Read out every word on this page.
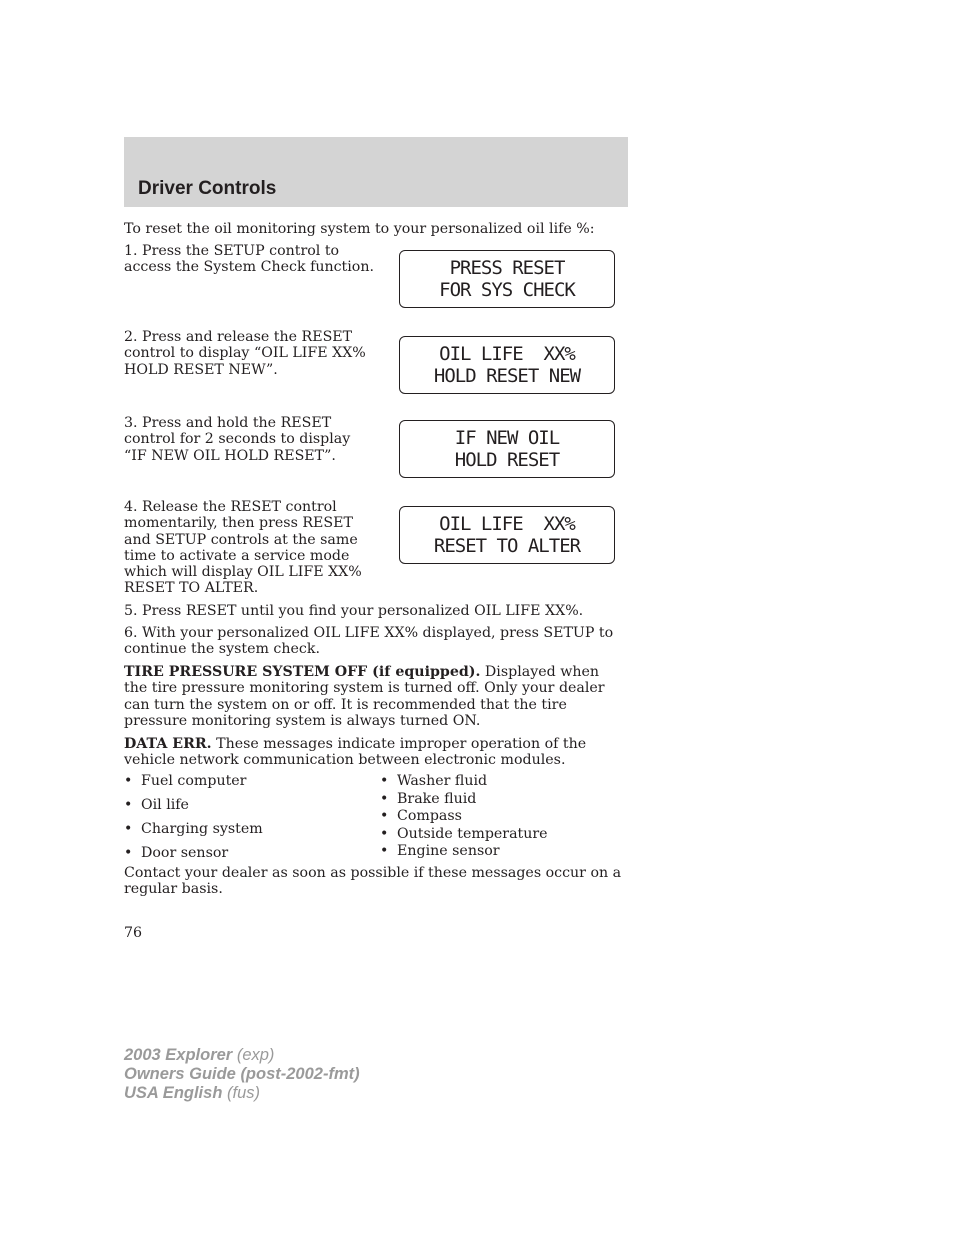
Driver Controls
To reset the oil monitoring system to your personalized oil life %:
1. Press the SETUP control to access the System Check function.
2. Press and release the RESET control to display “OIL LIFE XX% HOLD RESET NEW”.
3. Press and hold the RESET control for 2 seconds to display “IF NEW OIL HOLD RESET”.
4. Release the RESET control momentarily, then press RESET and SETUP controls at the same time to activate a service mode which will display OIL LIFE XX% RESET TO ALTER.
PRESS RESET
FOR SYS CHECK
OIL LIFE  XX%
HOLD RESET NEW
IF NEW OIL
HOLD RESET
OIL LIFE  XX%
RESET TO ALTER
5. Press RESET until you find your personalized OIL LIFE XX%.
6. With your personalized OIL LIFE XX% displayed, press SETUP to continue the system check.
TIRE PRESSURE SYSTEM OFF (if equipped). Displayed when the tire pressure monitoring system is turned off. Only your dealer can turn the system on or off. It is recommended that the tire pressure monitoring system is always turned ON.
DATA ERR. These messages indicate improper operation of the vehicle network communication between electronic modules.
• Fuel computer
• Oil life
• Charging system
• Door sensor
• Washer fluid
• Brake fluid
• Compass
• Outside temperature
• Engine sensor
Contact your dealer as soon as possible if these messages occur on a regular basis.
76
2003 Explorer (exp)
Owners Guide (post-2002-fmt)
USA English (fus)
